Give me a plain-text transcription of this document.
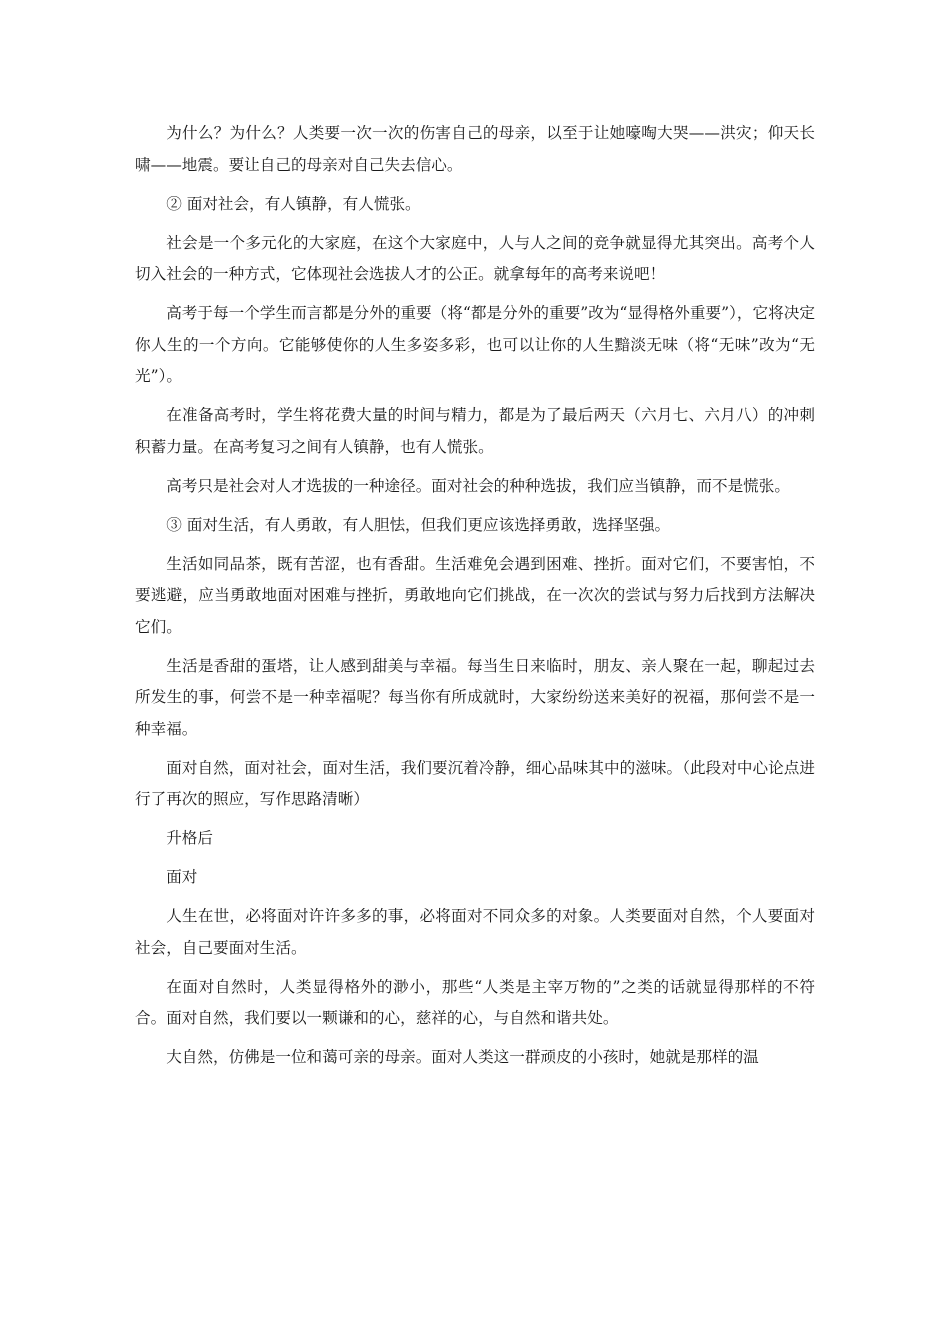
为什么？为什么？人类要一次一次的伤害自己的母亲，以至于让她嚎啕大哭——洪灾；仰天长啸——地震。要让自己的母亲对自己失去信心。

② 面对社会，有人镇静，有人慌张。

社会是一个多元化的大家庭，在这个大家庭中，人与人之间的竞争就显得尤其突出。高考个人切入社会的一种方式，它体现社会选拔人才的公正。就拿每年的高考来说吧！

高考于每一个学生而言都是分外的重要（将“都是分外的重要”改为“显得格外重要”），它将决定你人生的一个方向。它能够使你的人生多姿多彩，也可以让你的人生黯淡无味（将“无味”改为“无光”）。

在准备高考时，学生将花费大量的时间与精力，都是为了最后两天（六月七、六月八）的冲刺积蓄力量。在高考复习之间有人镇静，也有人慌张。

高考只是社会对人才选拔的一种途径。面对社会的种种选拔，我们应当镇静，而不是慌张。

③ 面对生活，有人勇敢，有人胆怯，但我们更应该选择勇敢，选择坚强。

生活如同品茶，既有苦涩，也有香甜。生活难免会遇到困难、挫折。面对它们，不要害怕，不要逃避，应当勇敢地面对困难与挫折，勇敢地向它们挑战，在一次次的尝试与努力后找到方法解决它们。

生活是香甜的蛋塔，让人感到甜美与幸福。每当生日来临时，朋友、亲人聚在一起，聊起过去所发生的事，何尝不是一种幸福呢？每当你有所成就时，大家纷纷送来美好的祝福，那何尝不是一种幸福。

面对自然，面对社会，面对生活，我们要沉着冷静，细心品味其中的滋味。（此段对中心论点进行了再次的照应，写作思路清晰）

升格后

面对

人生在世，必将面对许许多多的事，必将面对不同众多的对象。人类要面对自然，个人要面对社会，自己要面对生活。

在面对自然时，人类显得格外的渺小，那些“人类是主宰万物的”之类的话就显得那样的不符合。面对自然，我们要以一颗谦和的心，慈祥的心，与自然和谐共处。

大自然，仿佛是一位和蔼可亲的母亲。面对人类这一群顽皮的小孩时，她就是那样的温
